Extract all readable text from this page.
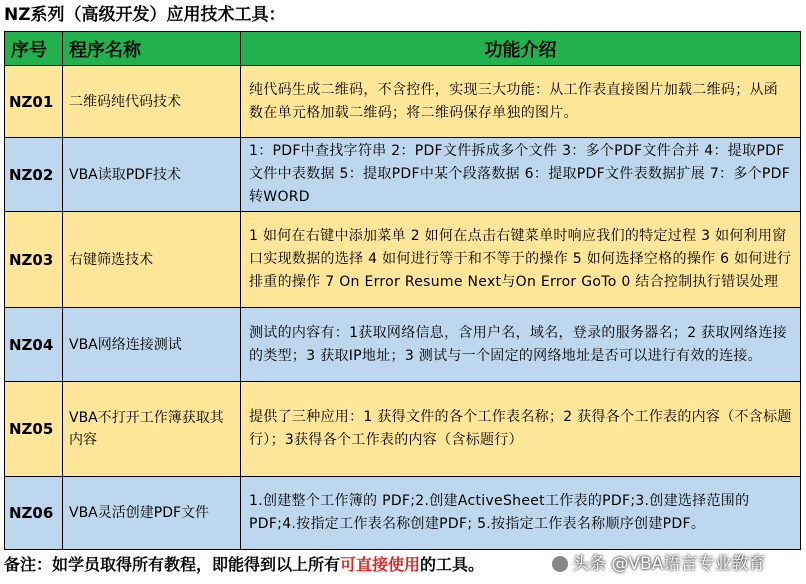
NZ系列（高级开发）应用技术工具：
序号	程序名称	功能介绍
NZ01	二维码纯代码技术	纯代码生成二维码，不含控件，实现三大功能：从工作表直接图片加载二维码；从函数在单元格加载二维码；将二维码保存单独的图片。
NZ02	VBA读取PDF技术	1：PDF中查找字符串 2：PDF文件拆成多个文件 3：多个PDF文件合并 4：提取PDF文件中表数据 5：提取PDF中某个段落数据 6：提取PDF文件表数据扩展 7：多个PDF转WORD
NZ03	右键筛选技术	1 如何在右键中添加菜单 2 如何在点击右键菜单时响应我们的特定过程 3 如何利用窗口实现数据的选择 4 如何进行等于和不等于的操作 5 如何选择空格的操作 6 如何进行排重的操作 7 On Error Resume Next与On Error GoTo 0 结合控制执行错误处理
NZ04	VBA网络连接测试	测试的内容有：1获取网络信息，含用户名，域名，登录的服务器名；2 获取网络连接的类型；3 获取IP地址；3 测试与一个固定的网络地址是否可以进行有效的连接。
NZ05	VBA不打开工作簿获取其内容	提供了三种应用：1 获得文件的各个工作表名称；2 获得各个工作表的内容（不含标题行）；3获得各个工作表的内容（含标题行）
NZ06	VBA灵活创建PDF文件	1.创建整个工作簿的 PDF;2.创建ActiveSheet工作表的PDF;3.创建选择范围的PDF;4.按指定工作表名称创建PDF; 5.按指定工作表名称顺序创建PDF。
备注：如学员取得所有教程，即能得到以上所有可直接使用的工具。	头条 @VBA语言专业教育
